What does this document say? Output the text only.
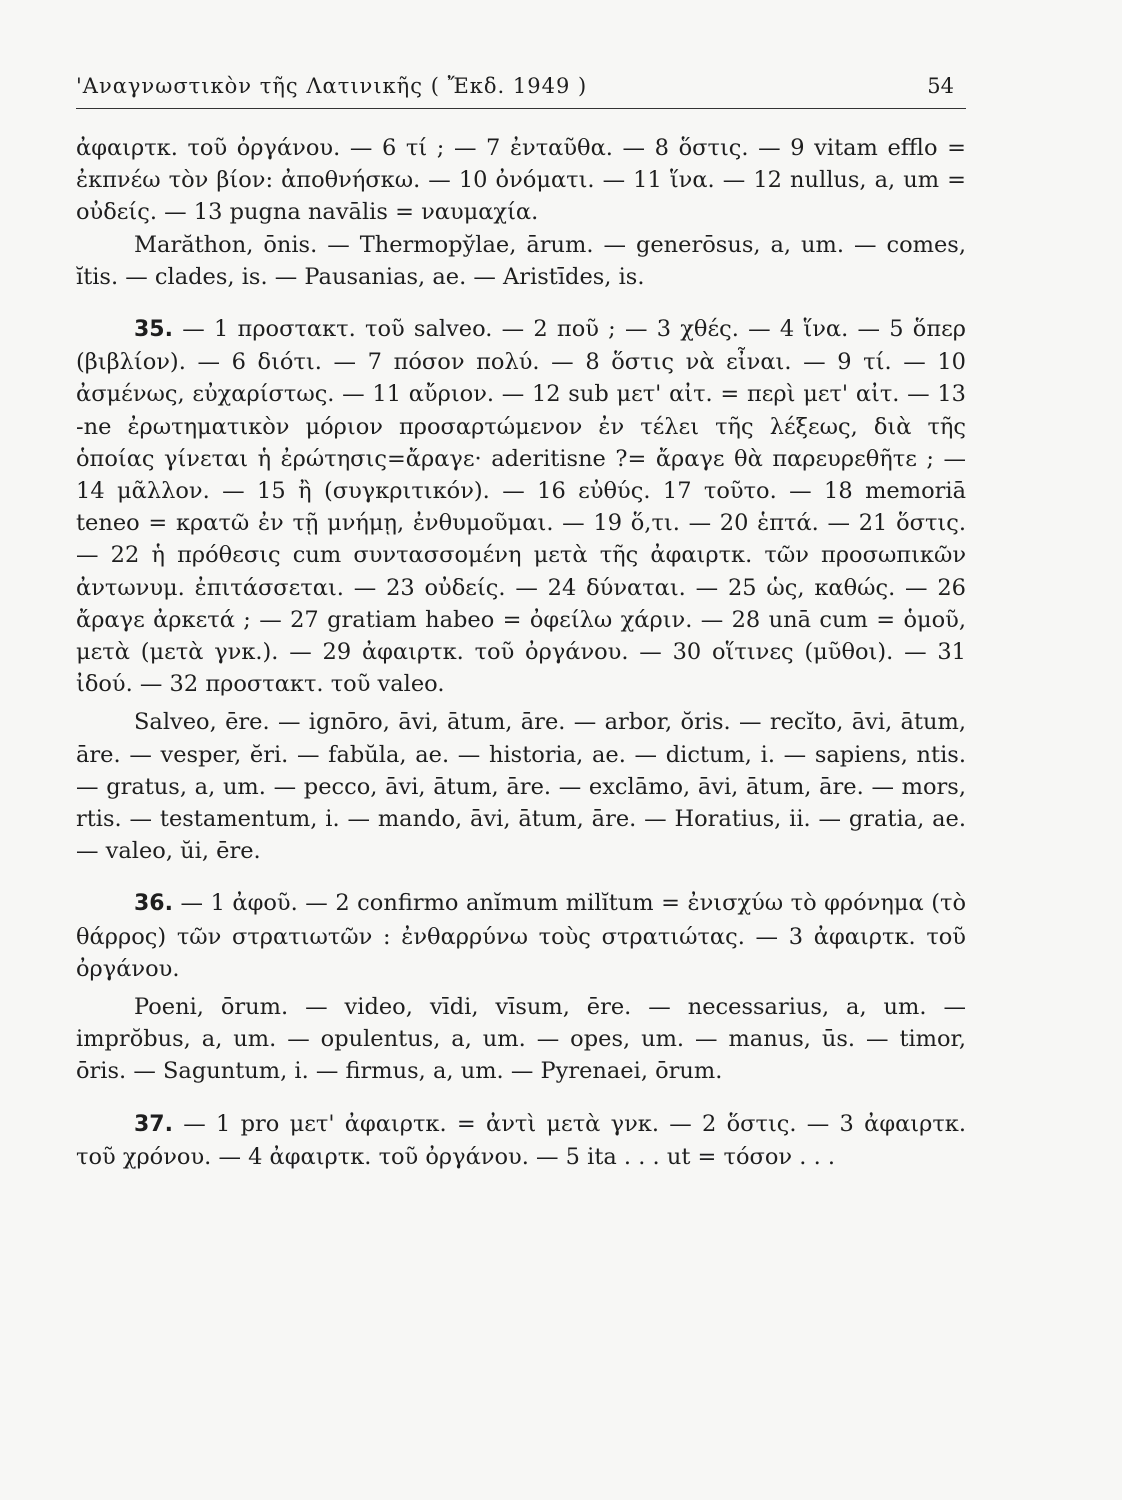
'Αναγνωστικὸν τῆς Λατινικῆς ( Ἔκδ. 1949 )	54

ἀφαιρτκ. τοῦ ὀργάνου. — 6 τί ; — 7 ἐνταῦθα. — 8 ὅστις. — 9 vitam efflo = ἐκπνέω τὸν βίον: ἀποθνήσκω. — 10 ὀνόματι. — 11 ἵνα. — 12 nullus, a, um = οὐδείς. — 13 pugna navālis = ναυμαχία.

Marăthon, ōnis. — Thermopy̆lae, ārum. — generōsus, a, um. — comes, ĭtis. — clades, is. — Pausanias, ae. — Aristīdes, is.

35. — 1 προστακτ. τοῦ salveo. — 2 ποῦ ; — 3 χθές. — 4 ἵνα. — 5 ὅπερ (βιβλίον). — 6 διότι. — 7 πόσον πολύ. — 8 ὅστις νὰ εἶναι. — 9 τί. — 10 ἀσμένως, εὐχαρίστως. — 11 αὔριον. — 12 sub μετ' αἰτ. = περὶ μετ' αἰτ. — 13 -ne ἐρωτηματικὸν μόριον προσαρτώμενον ἐν τέλει τῆς λέξεως, διὰ τῆς ὁποίας γίνεται ἡ ἐρώτησις=ἄραγε· aderitisne ?= ἄραγε θὰ παρευρεθῆτε ; — 14 μᾶλλον. — 15 ἢ (συγκριτικόν). — 16 εὐθύς. 17 τοῦτο. — 18 memoriā teneo = κρατῶ ἐν τῇ μνήμῃ, ἐνθυμοῦμαι. — 19 ὅ,τι. — 20 ἑπτά. — 21 ὅστις. — 22 ἡ πρόθεσις cum συντασσομένη μετὰ τῆς ἀφαιρτκ. τῶν προσωπικῶν ἀντωνυμ. ἐπιτάσσεται. — 23 οὐδείς. — 24 δύναται. — 25 ὡς, καθώς. — 26 ἄραγε ἀρκετά ; — 27 gratiam habeo = ὀφείλω χάριν. — 28 unā cum = ὁμοῦ, μετὰ (μετὰ γνκ.). — 29 ἀφαιρτκ. τοῦ ὀργάνου. — 30 οἵτινες (μῦθοι). — 31 ἰδού. — 32 προστακτ. τοῦ valeo.

Salveo, ēre. — ignōro, āvi, ātum, āre. — arbor, ŏris. — recĭto, āvi, ātum, āre. — vesper, ĕri. — fabŭla, ae. — historia, ae. — dictum, i. — sapiens, ntis. — gratus, a, um. — pecco, āvi, ātum, āre. — exclāmo, āvi, ātum, āre. — mors, rtis. — testamentum, i. — mando, āvi, ātum, āre. — Horatius, ii. — gratia, ae. — valeo, ŭi, ēre.

36. — 1 ἀφοῦ. — 2 confirmo anĭmum milĭtum = ἐνισχύω τὸ φρόνημα (τὸ θάρρος) τῶν στρατιωτῶν : ἐνθαρρύνω τοὺς στρατιώτας. — 3 ἀφαιρτκ. τοῦ ὀργάνου.

Poeni, ōrum. — video, vīdi, vīsum, ēre. — necessarius, a, um. — imprŏbus, a, um. — opulentus, a, um. — opes, um. — manus, ūs. — timor, ōris. — Saguntum, i. — firmus, a, um. — Pyrenaei, ōrum.

37. — 1 pro μετ' ἀφαιρτκ. = ἀντὶ μετὰ γνκ. — 2 ὅστις. — 3 ἀφαιρτκ. τοῦ χρόνου. — 4 ἀφαιρτκ. τοῦ ὀργάνου. — 5 ita . . . ut = τόσον . . .
